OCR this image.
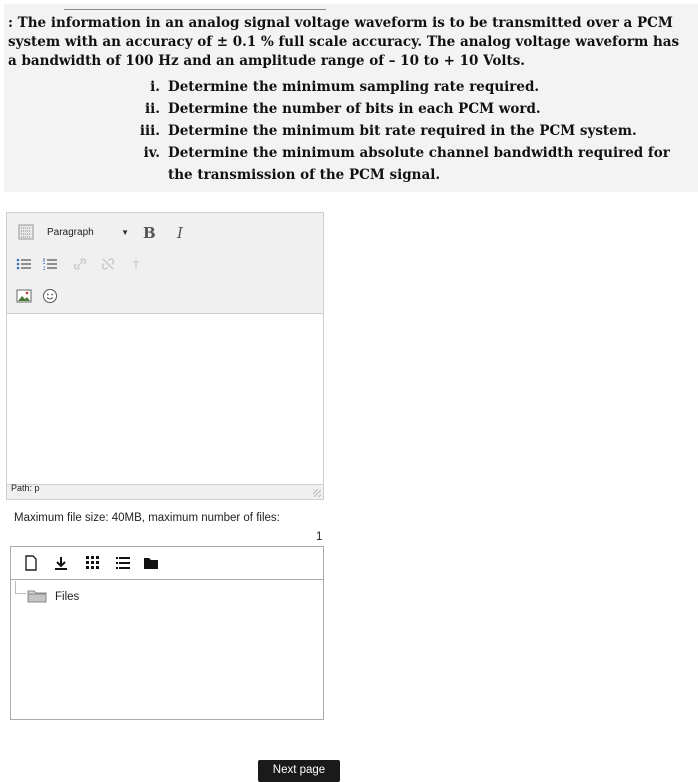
: The information in an analog signal voltage waveform is to be transmitted over a PCM
system with an accuracy of ± 0.1 % full scale accuracy. The analog voltage waveform has
a bandwidth of 100 Hz and an amplitude range of – 10 to + 10 Volts.
i. Determine the minimum sampling rate required.
ii. Determine the number of bits in each PCM word.
iii. Determine the minimum bit rate required in the PCM system.
iv. Determine the minimum absolute channel bandwidth required for
the transmission of the PCM signal.
Paragraph	▼ B I
Path: p
Maximum file size: 40MB, maximum number of files:
1
Files
Next page
